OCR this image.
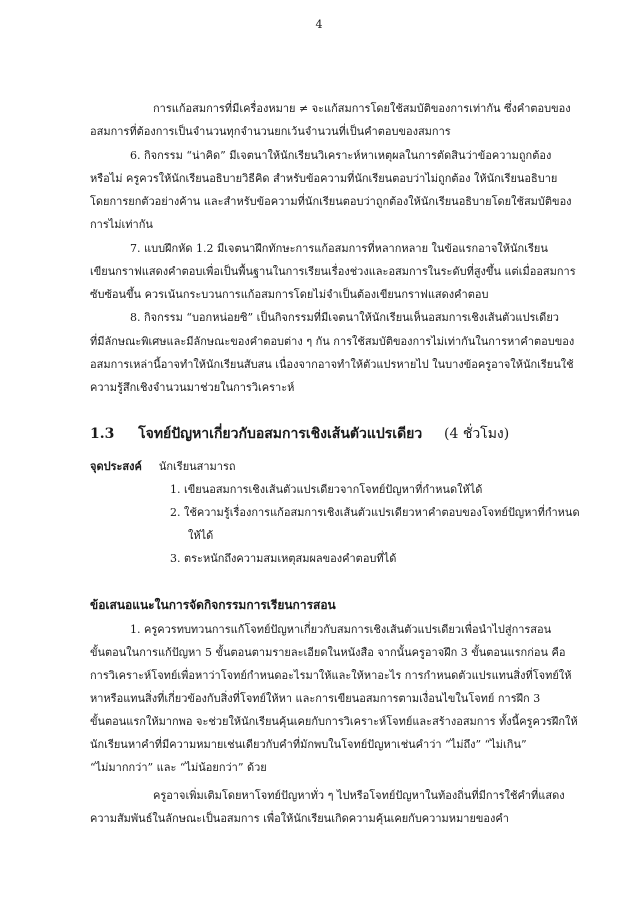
4
การแก้อสมการที่มีเครื่องหมาย ≠ จะแก้สมการโดยใช้สมบัติของการเท่ากัน ซึ่งคำตอบของ
อสมการที่ต้องการเป็นจำนวนทุกจำนวนยกเว้นจำนวนที่เป็นคำตอบของสมการ
6. กิจกรรม “น่าคิด” มีเจตนาให้นักเรียนวิเคราะห์หาเหตุผลในการตัดสินว่าข้อความถูกต้อง
หรือไม่ ครูควรให้นักเรียนอธิบายวิธีคิด สำหรับข้อความที่นักเรียนตอบว่าไม่ถูกต้อง ให้นักเรียนอธิบาย
โดยการยกตัวอย่างค้าน และสำหรับข้อความที่นักเรียนตอบว่าถูกต้องให้นักเรียนอธิบายโดยใช้สมบัติของ
การไม่เท่ากัน
7. แบบฝึกหัด 1.2 มีเจตนาฝึกทักษะการแก้อสมการที่หลากหลาย ในข้อแรกอาจให้นักเรียน
เขียนกราฟแสดงคำตอบเพื่อเป็นพื้นฐานในการเรียนเรื่องช่วงและอสมการในระดับที่สูงขึ้น แต่เมื่ออสมการ
ซับซ้อนขึ้น ควรเน้นกระบวนการแก้อสมการโดยไม่จำเป็นต้องเขียนกราฟแสดงคำตอบ
8. กิจกรรม “บอกหน่อยซิ” เป็นกิจกรรมที่มีเจตนาให้นักเรียนเห็นอสมการเชิงเส้นตัวแปรเดียว
ที่มีลักษณะพิเศษและมีลักษณะของคำตอบต่าง ๆ กัน การใช้สมบัติของการไม่เท่ากันในการหาคำตอบของ
อสมการเหล่านี้อาจทำให้นักเรียนสับสน เนื่องจากอาจทำให้ตัวแปรหายไป ในบางข้อครูอาจให้นักเรียนใช้
ความรู้สึกเชิงจำนวนมาช่วยในการวิเคราะห์
1.3 โจทย์ปัญหาเกี่ยวกับอสมการเชิงเส้นตัวแปรเดียว (4 ชั่วโมง)
จุดประสงค์ นักเรียนสามารถ
1. เขียนอสมการเชิงเส้นตัวแปรเดียวจากโจทย์ปัญหาที่กำหนดให้ได้
2. ใช้ความรู้เรื่องการแก้อสมการเชิงเส้นตัวแปรเดียวหาคำตอบของโจทย์ปัญหาที่กำหนด
ให้ได้
3. ตระหนักถึงความสมเหตุสมผลของคำตอบที่ได้
ข้อเสนอแนะในการจัดกิจกรรมการเรียนการสอน
1. ครูควรทบทวนการแก้โจทย์ปัญหาเกี่ยวกับสมการเชิงเส้นตัวแปรเดียวเพื่อนำไปสู่การสอน
ขั้นตอนในการแก้ปัญหา 5 ขั้นตอนตามรายละเอียดในหนังสือ จากนั้นครูอาจฝึก 3 ขั้นตอนแรกก่อน คือ
การวิเคราะห์โจทย์เพื่อหาว่าโจทย์กำหนดอะไรมาให้และให้หาอะไร การกำหนดตัวแปรแทนสิ่งที่โจทย์ให้
หาหรือแทนสิ่งที่เกี่ยวข้องกับสิ่งที่โจทย์ให้หา และการเขียนอสมการตามเงื่อนไขในโจทย์ การฝึก 3
ขั้นตอนแรกให้มากพอ จะช่วยให้นักเรียนคุ้นเคยกับการวิเคราะห์โจทย์และสร้างอสมการ ทั้งนี้ครูควรฝึกให้
นักเรียนหาคำที่มีความหมายเช่นเดียวกับคำที่มักพบในโจทย์ปัญหาเช่นคำว่า “ไม่ถึง” “ไม่เกิน”
“ไม่มากกว่า” และ “ไม่น้อยกว่า” ด้วย
ครูอาจเพิ่มเติมโดยหาโจทย์ปัญหาทั่ว ๆ ไปหรือโจทย์ปัญหาในท้องถิ่นที่มีการใช้คำที่แสดง
ความสัมพันธ์ในลักษณะเป็นอสมการ เพื่อให้นักเรียนเกิดความคุ้นเคยกับความหมายของคำ
